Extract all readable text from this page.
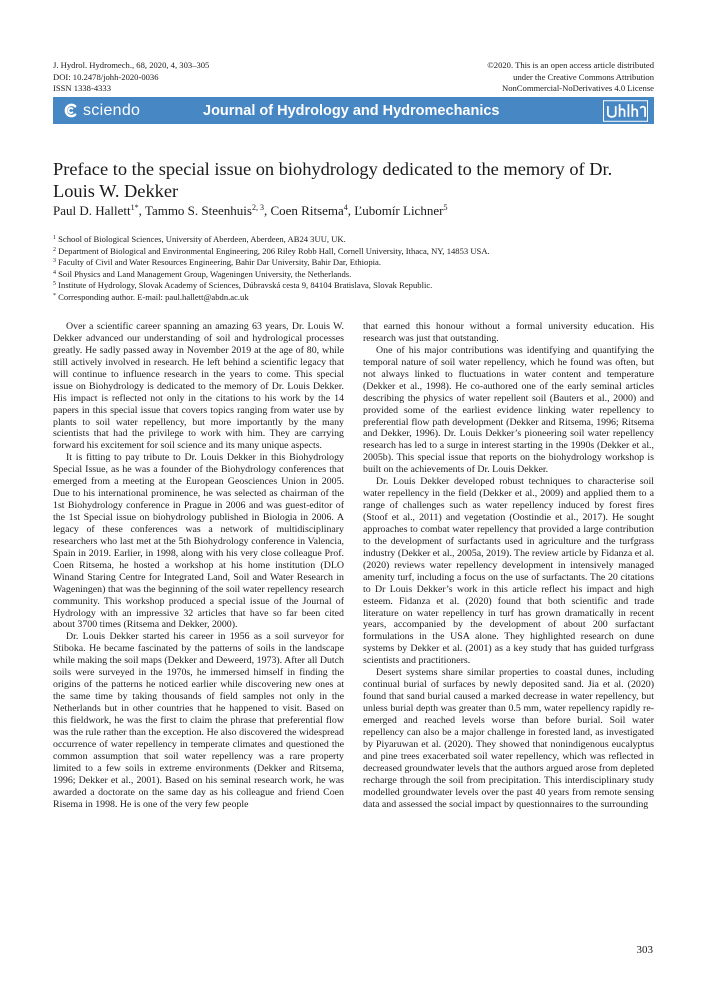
J. Hydrol. Hydromech., 68, 2020, 4, 303–305
DOI: 10.2478/johh-2020-0036
ISSN 1338-4333
©2020. This is an open access article distributed
under the Creative Commons Attribution
NonCommercial-NoDerivatives 4.0 License
sciendo	Journal of Hydrology and Hydromechanics
Preface to the special issue on biohydrology dedicated to the memory of Dr. Louis W. Dekker
Paul D. Hallett$^{1*}$, Tammo S. Steenhuis$^{2, 3}$, Coen Ritsema$^4$, Ľubomír Lichner$^5$
$^1$ School of Biological Sciences, University of Aberdeen, Aberdeen, AB24 3UU, UK.
$^2$ Department of Biological and Environmental Engineering, 206 Riley Robb Hall, Cornell University, Ithaca, NY, 14853 USA.
$^3$ Faculty of Civil and Water Resources Engineering, Bahir Dar University, Bahir Dar, Ethiopia.
$^4$ Soil Physics and Land Management Group, Wageningen University, the Netherlands.
$^5$ Institute of Hydrology, Slovak Academy of Sciences, Dúbravská cesta 9, 84104 Bratislava, Slovak Republic.
* Corresponding author. E-mail: paul.hallett@abdn.ac.uk

Over a scientific career spanning an amazing 63 years, Dr. Louis W. Dekker advanced our understanding of soil and hydrological processes greatly. He sadly passed away in November 2019 at the age of 80, while still actively involved in research. He left behind a scientific legacy that will continue to influence research in the years to come. This special issue on Biohydrology is dedicated to the memory of Dr. Louis Dekker. His impact is reflected not only in the citations to his work by the 14 papers in this special issue that covers topics ranging from water use by plants to soil water repellency, but more importantly by the many scientists that had the privilege to work with him. They are carrying forward his excitement for soil science and its many unique aspects.

It is fitting to pay tribute to Dr. Louis Dekker in this Biohydrology Special Issue, as he was a founder of the Biohydrology conferences that emerged from a meeting at the European Geosciences Union in 2005. Due to his international prominence, he was selected as chairman of the 1st Biohydrology conference in Prague in 2006 and was guest-editor of the 1st Special issue on biohydrology published in Biologia in 2006. A legacy of these conferences was a network of multidisciplinary researchers who last met at the 5th Biohydrology conference in Valencia, Spain in 2019. Earlier, in 1998, along with his very close colleague Prof. Coen Ritsema, he hosted a workshop at his home institution (DLO Winand Staring Centre for Integrated Land, Soil and Water Research in Wageningen) that was the beginning of the soil water repellency research community. This workshop produced a special issue of the Journal of Hydrology with an impressive 32 articles that have so far been cited about 3700 times (Ritsema and Dekker, 2000).

Dr. Louis Dekker started his career in 1956 as a soil surveyor for Stiboka. He became fascinated by the patterns of soils in the landscape while making the soil maps (Dekker and Deweerd, 1973). After all Dutch soils were surveyed in the 1970s, he immersed himself in finding the origins of the patterns he noticed earlier while discovering new ones at the same time by taking thousands of field samples not only in the Netherlands but in other countries that he happened to visit. Based on this fieldwork, he was the first to claim the phrase that preferential flow was the rule rather than the exception. He also discovered the widespread occurrence of water repellency in temperate climates and questioned the common assumption that soil water repellency was a rare property limited to a few soils in extreme environments (Dekker and Ritsema, 1996; Dekker et al., 2001). Based on his seminal research work, he was awarded a doctorate on the same day as his colleague and friend Coen Risema in 1998. He is one of the very few people

that earned this honour without a formal university education. His research was just that outstanding.

One of his major contributions was identifying and quantifying the temporal nature of soil water repellency, which he found was often, but not always linked to fluctuations in water content and temperature (Dekker et al., 1998). He co-authored one of the early seminal articles describing the physics of water repellent soil (Bauters et al., 2000) and provided some of the earliest evidence linking water repellency to preferential flow path development (Dekker and Ritsema, 1996; Ritsema and Dekker, 1996). Dr. Louis Dekker’s pioneering soil water repellency research has led to a surge in interest starting in the 1990s (Dekker et al., 2005b). This special issue that reports on the biohydrology workshop is built on the achievements of Dr. Louis Dekker.

Dr. Louis Dekker developed robust techniques to characterise soil water repellency in the field (Dekker et al., 2009) and applied them to a range of challenges such as water repellency induced by forest fires (Stoof et al., 2011) and vegetation (Oostindie et al., 2017). He sought approaches to combat water repellency that provided a large contribution to the development of surfactants used in agriculture and the turfgrass industry (Dekker et al., 2005a, 2019). The review article by Fidanza et al. (2020) reviews water repellency development in intensively managed amenity turf, including a focus on the use of surfactants. The 20 citations to Dr Louis Dekker’s work in this article reflect his impact and high esteem. Fidanza et al. (2020) found that both scientific and trade literature on water repellency in turf has grown dramatically in recent years, accompanied by the development of about 200 surfactant formulations in the USA alone. They highlighted research on dune systems by Dekker et al. (2001) as a key study that has guided turfgrass scientists and practitioners.

Desert systems share similar properties to coastal dunes, including continual burial of surfaces by newly deposited sand. Jia et al. (2020) found that sand burial caused a marked decrease in water repellency, but unless burial depth was greater than 0.5 mm, water repellency rapidly re-emerged and reached levels worse than before burial. Soil water repellency can also be a major challenge in forested land, as investigated by Piyaruwan et al. (2020). They showed that nonindigenous eucalyptus and pine trees exacerbated soil water repellency, which was reflected in decreased groundwater levels that the authors argued arose from depleted recharge through the soil from precipitation. This interdisciplinary study modelled groundwater levels over the past 40 years from remote sensing data and assessed the social impact by questionnaires to the surrounding

303
